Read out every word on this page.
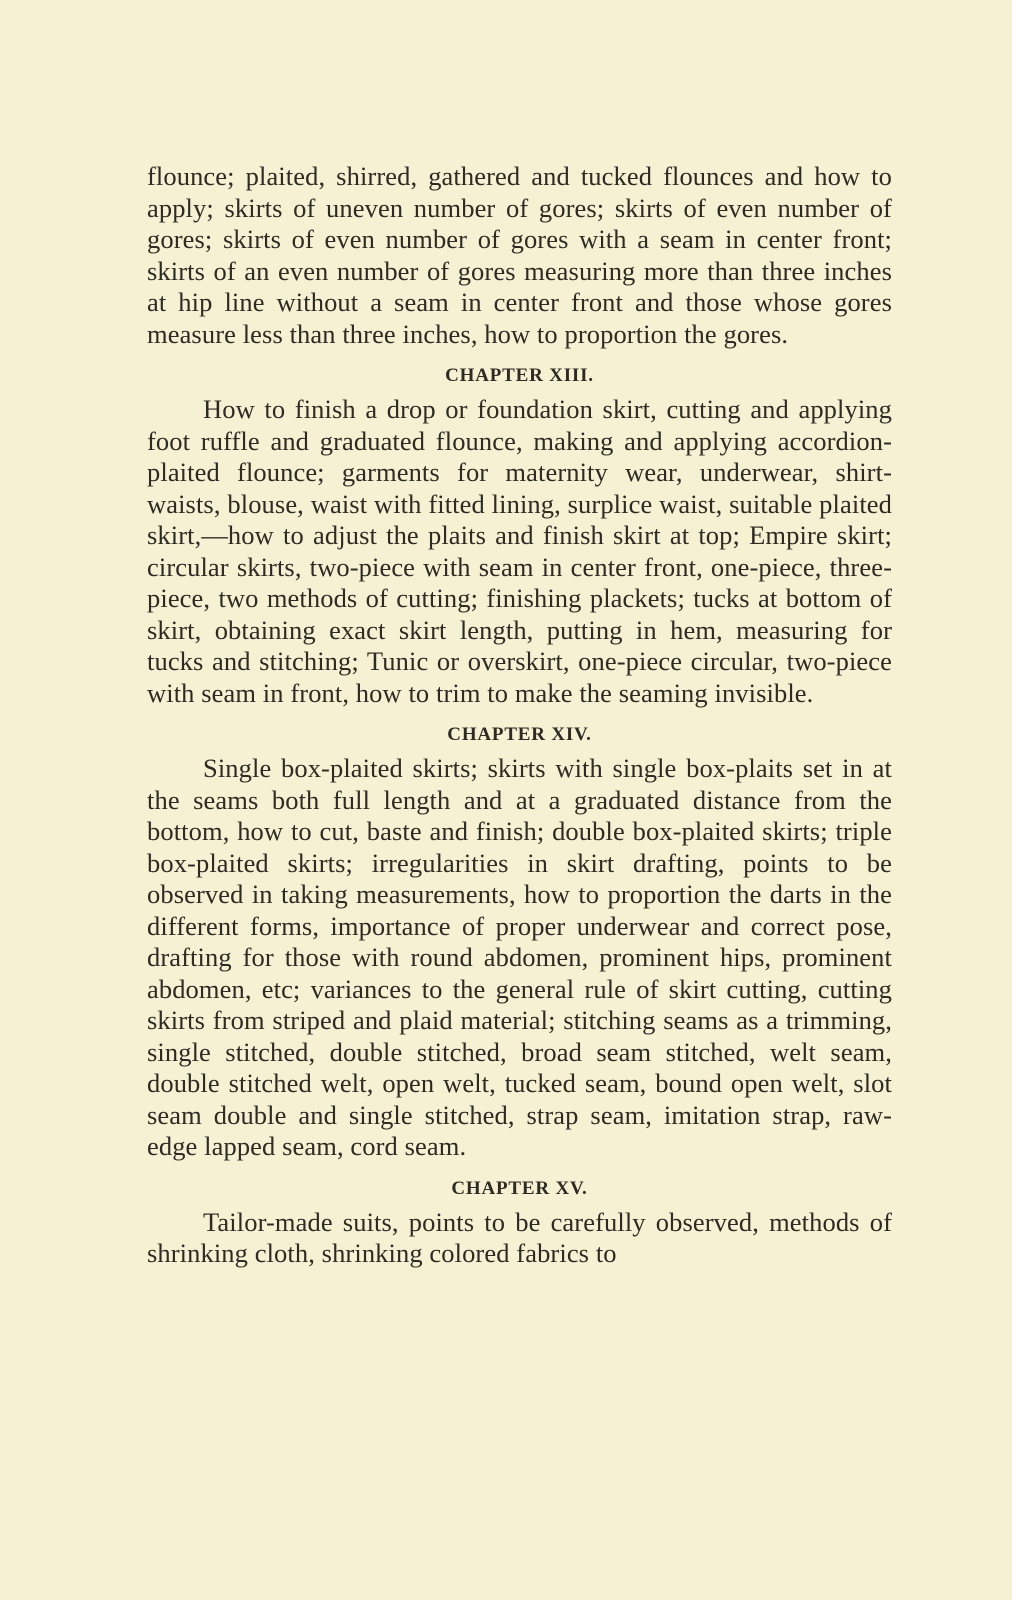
flounce; plaited, shirred, gathered and tucked flounces and how to apply; skirts of uneven number of gores; skirts of even number of gores; skirts of even number of gores with a seam in center front; skirts of an even number of gores measuring more than three inches at hip line without a seam in center front and those whose gores measure less than three inches, how to proportion the gores.

CHAPTER XIII.

How to finish a drop or foundation skirt, cutting and applying foot ruffle and graduated flounce, making and applying accordion-plaited flounce; garments for maternity wear, underwear, shirt-waists, blouse, waist with fitted lining, surplice waist, suitable plaited skirt,—how to adjust the plaits and finish skirt at top; Empire skirt; circular skirts, two-piece with seam in center front, one-piece, three-piece, two methods of cutting; finishing plackets; tucks at bottom of skirt, obtaining exact skirt length, putting in hem, measuring for tucks and stitching; Tunic or overskirt, one-piece circular, two-piece with seam in front, how to trim to make the seaming invisible.

CHAPTER XIV.

Single box-plaited skirts; skirts with single box-plaits set in at the seams both full length and at a graduated distance from the bottom, how to cut, baste and finish; double box-plaited skirts; triple box-plaited skirts; irregularities in skirt drafting, points to be observed in taking measurements, how to proportion the darts in the different forms, importance of proper underwear and correct pose, drafting for those with round abdomen, prominent hips, prominent abdomen, etc; variances to the general rule of skirt cutting, cutting skirts from striped and plaid material; stitching seams as a trimming, single stitched, double stitched, broad seam stitched, welt seam, double stitched welt, open welt, tucked seam, bound open welt, slot seam double and single stitched, strap seam, imitation strap, raw-edge lapped seam, cord seam.

CHAPTER XV.

Tailor-made suits, points to be carefully observed, methods of shrinking cloth, shrinking colored fabrics to
